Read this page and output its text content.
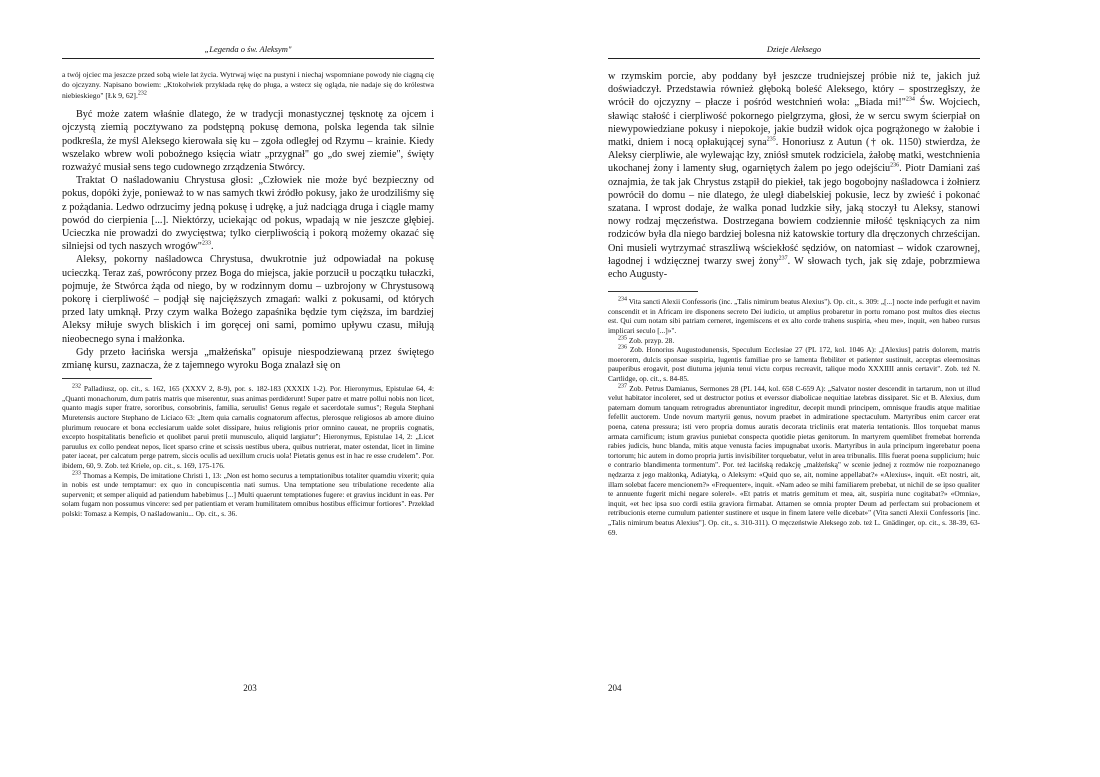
„Legenda o św. Aleksym"

a twój ojciec ma jeszcze przed sobą wiele lat życia. Wytrwaj więc na pustyni i niechaj wspomniane powody nie ciągną cię do ojczyzny. Napisano bowiem: „Ktokolwiek przykłada rękę do pługa, a wstecz się ogląda, nie nadaje się do królestwa niebieskiego" [Łk 9, 62].$^{232}$

Być może zatem właśnie dlatego, że w tradycji monastycznej tęsknotę za ojcem i ojczystą ziemią pocztywano za podstępną pokusę demona, polska legenda tak silnie podkreśla, że myśl Aleksego kierowała się ku – zgoła odległej od Rzymu – krainie. Kiedy wszelako wbrew woli pobożnego księcia wiatr „przygnał" go „do swej ziemie", święty rozważyć musiał sens tego cudownego zrządzenia Stwórcy.

Traktat O naśladowaniu Chrystusa głosi: „Człowiek nie może być bezpieczny od pokus, dopóki żyje, ponieważ to w nas samych tkwi źródło pokusy, jako że urodziliśmy się z pożądania. Ledwo odrzucimy jedną pokusę i udrękę, a już nadciąga druga i ciągle mamy powód do cierpienia [...]. Niektórzy, uciekając od pokus, wpadają w nie jeszcze głębiej. Ucieczka nie prowadzi do zwycięstwa; tylko cierpliwością i pokorą możemy okazać się silniejsi od tych naszych wrogów"$^{233}$.

Aleksy, pokorny naśladowca Chrystusa, dwukrotnie już odpowiadał na pokusę ucieczką. Teraz zaś, powrócony przez Boga do miejsca, jakie porzucił u początku tułaczki, pojmuje, że Stwórca żąda od niego, by w rodzinnym domu – uzbrojony w Chrystusową pokorę i cierpliwość – podjął się najcięższych zmagań: walki z pokusami, od których przed laty umknął. Przy czym walka Bożego zapaśnika będzie tym cięższa, im bardziej Aleksy miłuje swych bliskich i im goręcej oni sami, pomimo upływu czasu, miłują nieobecnego syna i małżonka.

Gdy przeto łacińska wersja „małżeńska" opisuje niespodziewaną przez świętego zmianę kursu, zaznacza, że z tajemnego wyroku Boga znalazł się on

$^{232}$ Palladiusz, op. cit., s. 162, 165 (XXXV 2, 8-9), por. s. 182-183 (XXXIX 1-2). Por. Hieronymus, Epistulae 64, 4: „Quanti monachorum, dum patris matris que miserentur, suas animas perdiderunt! Super patre et matre pollui nobis non licet, quanto magis super fratre, sororibus, consobrinis, familia, seruulis! Genus regale et sacerdotale sumus"; Regula Stephani Muretensis auctore Stephano de Liciaco 63: „Item quia carnalis cognatorum affectus, plerosque religiosos ab amore diuino plurimum reuocare et bona ecclesiarum ualde solet dissipare, huius religionis prior omnino caueat, ne propriis cognatis, excepto hospitalitatis beneficio et quolibet parui pretii munusculo, aliquid largiatur"; Hieronymus, Epistulae 14, 2: „Licet paruulus ex collo pendeat nepos, licet sparso crine et scissis uestibus ubera, quibus nutrierat, mater ostendat, licet in limine pater iaceat, per calcatum perge patrem, siccis oculis ad uexillum crucis uola! Pietatis genus est in hac re esse crudelem". Por. ibidem, 60, 9. Zob. też Kriele, op. cit., s. 169, 175-176.

$^{233}$ Thomas a Kempis, De imitatione Christi 1, 13: „Non est homo securus a temptationibus totaliter quamdiu vixerit; quia in nobis est unde temptamur: ex quo in concupiscentia nati sumus. Una temptatione seu tribulatione recedente alia supervenit; et semper aliquid ad patiendum habebimus [...] Multi quaerunt temptationes fugere: et gravius incidunt in eas. Per solam fugam non possumus vincere: sed per patientiam et veram humilitatem omnibus hostibus efficimur fortiores". Przekład polski: Tomasz a Kempis, O naśladowaniu... Op. cit., s. 36.

203
Dzieje Aleksego

w rzymskim porcie, aby poddany był jeszcze trudniejszej próbie niż te, jakich już doświadczył. Przedstawia również głęboką boleść Aleksego, który – spostrzegłszy, że wrócił do ojczyzny – płacze i pośród westchnień woła: „Biada mi!"$^{234}$ Św. Wojciech, sławiąc stałość i cierpliwość pokornego pielgrzyma, głosi, że w sercu swym ścierpiał on niewypowiedziane pokusy i niepokoje, jakie budził widok ojca pogrążonego w żałobie i matki, dniem i nocą opłakującej syna$^{235}$. Honoriusz z Autun († ok. 1150) stwierdza, że Aleksy cierpliwie, ale wylewając łzy, zniósł smutek rodziciela, żałobę matki, westchnienia ukochanej żony i lamenty sług, ogarniętych żalem po jego odejściu$^{236}$. Piotr Damiani zaś oznajmia, że tak jak Chrystus zstąpił do piekieł, tak jego bogobojny naśladowca i żołnierz powrócił do domu – nie dlatego, że uległ diabelskiej pokusie, lecz by zwieść i pokonać szatana. I wprost dodaje, że walka ponad ludzkie siły, jaką stoczył tu Aleksy, stanowi nowy rodzaj męczeństwa. Dostrzegana bowiem codziennie miłość tęskniących za nim rodziców była dla niego bardziej bolesna niż katowskie tortury dla dręczonych chrześcijan. Oni musieli wytrzymać straszliwą wściekłość sędziów, on natomiast – widok czarownej, łagodnej i wdzięcznej twarzy swej żony$^{237}$. W słowach tych, jak się zdaje, pobrzmiewa echo Augusty-

$^{234}$ Vita sancti Alexii Confessoris (inc. „Talis nimirum beatus Alexius"). Op. cit., s. 309: „[...] nocte inde perfugit et navim conscendit et in Africam ire disponens secreto Dei iudicio, ut amplius probaretur in portu romano post multos dies eiectus est. Qui cum notam sibi patriam cerneret, ingemiscens et ex alto corde trahens suspiria, «heu me», inquit, «en habeo rursus implicari seculo [...]»".

$^{235}$ Zob. przyp. 28.

$^{236}$ Zob. Honorius Augustodunensis, Speculum Ecclesiae 27 (PL 172, kol. 1046 A): „[Alexius] patris dolorem, matris moerorem, dulcis sponsae suspiria, lugentis familiae pro se lamenta flebiliter et patienter sustinuit, acceptas eleemosinas pauperibus erogavit, post diuturna jejunia tenui victu corpus recreavit, talique modo XXXIIII annis certavit". Zob. też N. Cartlidge, op. cit., s. 84-85.

$^{237}$ Zob. Petrus Damianus, Sermones 28 (PL 144, kol. 658 C-659 A): „Salvator noster descendit in tartarum, non ut illud velut habitator incoleret, sed ut destructor potius et everssor diabolicae nequitiae latebras dissiparet. Sic et B. Alexius, dum paternam domum tanquam retrogradus abrenuntiator ingreditur, decepit mundi principem, omnisque fraudis atque malitiae fefellit auctorem. Unde novum martyrii genus, novum praebet in admiratione spectaculum. Martyribus enim carcer erat poena, catena pressura; isti vero propria domus auratis decorata tricliniis erat materia tentationis. Illos torquebat manus armata carnificum; istum gravius puniebat conspecta quotidie pietas genitorum. In martyrem quemlibet fremebat horrenda rabies judicis, hunc blanda, mitis atque venusta facies impugnabat uxoris. Martyribus in aula principum ingerebatur poena tortorum; hic autem in domo propria jurtis invisibiliter torquebatur, velut in area tribunalis. Illis fuerat poena supplicium; huic e contrario blandimenta tormentum". Por. też łacińską redakcję „małżeńską" w scenie jednej z rozmów nie rozpoznanego nędzarza z jego małżonką, Adiatyką, o Aleksym: «Quid quo se, ait, nomine appellabat?» «Alexius», inquit. «Et nostri, ait, illam solebat facere mencionem?» «Frequenter», inquit. «Nam adeo se mihi familiarem prebebat, ut nichil de se ipso qualiter te annuente fugerit michi negare solerel». «Et patris et matris gemitum et mea, ait, suspiria nunc cogitabat?» «Omnia», inquit, «et hec ipsa suo cordi estiia graviora firmabat. Attamen se omnia propter Deum ad perfectam sui probacionem et retribucionis eterne cumulum patienter sustinere et usque in finem latere velle dicebat»" (Vita sancti Alexii Confessoris [inc. „Talis nimirum beatus Alexius"]. Op. cit., s. 310-311). O męczeństwie Aleksego zob. też L. Gnädinger, op. cit., s. 38-39, 63-69.

204
